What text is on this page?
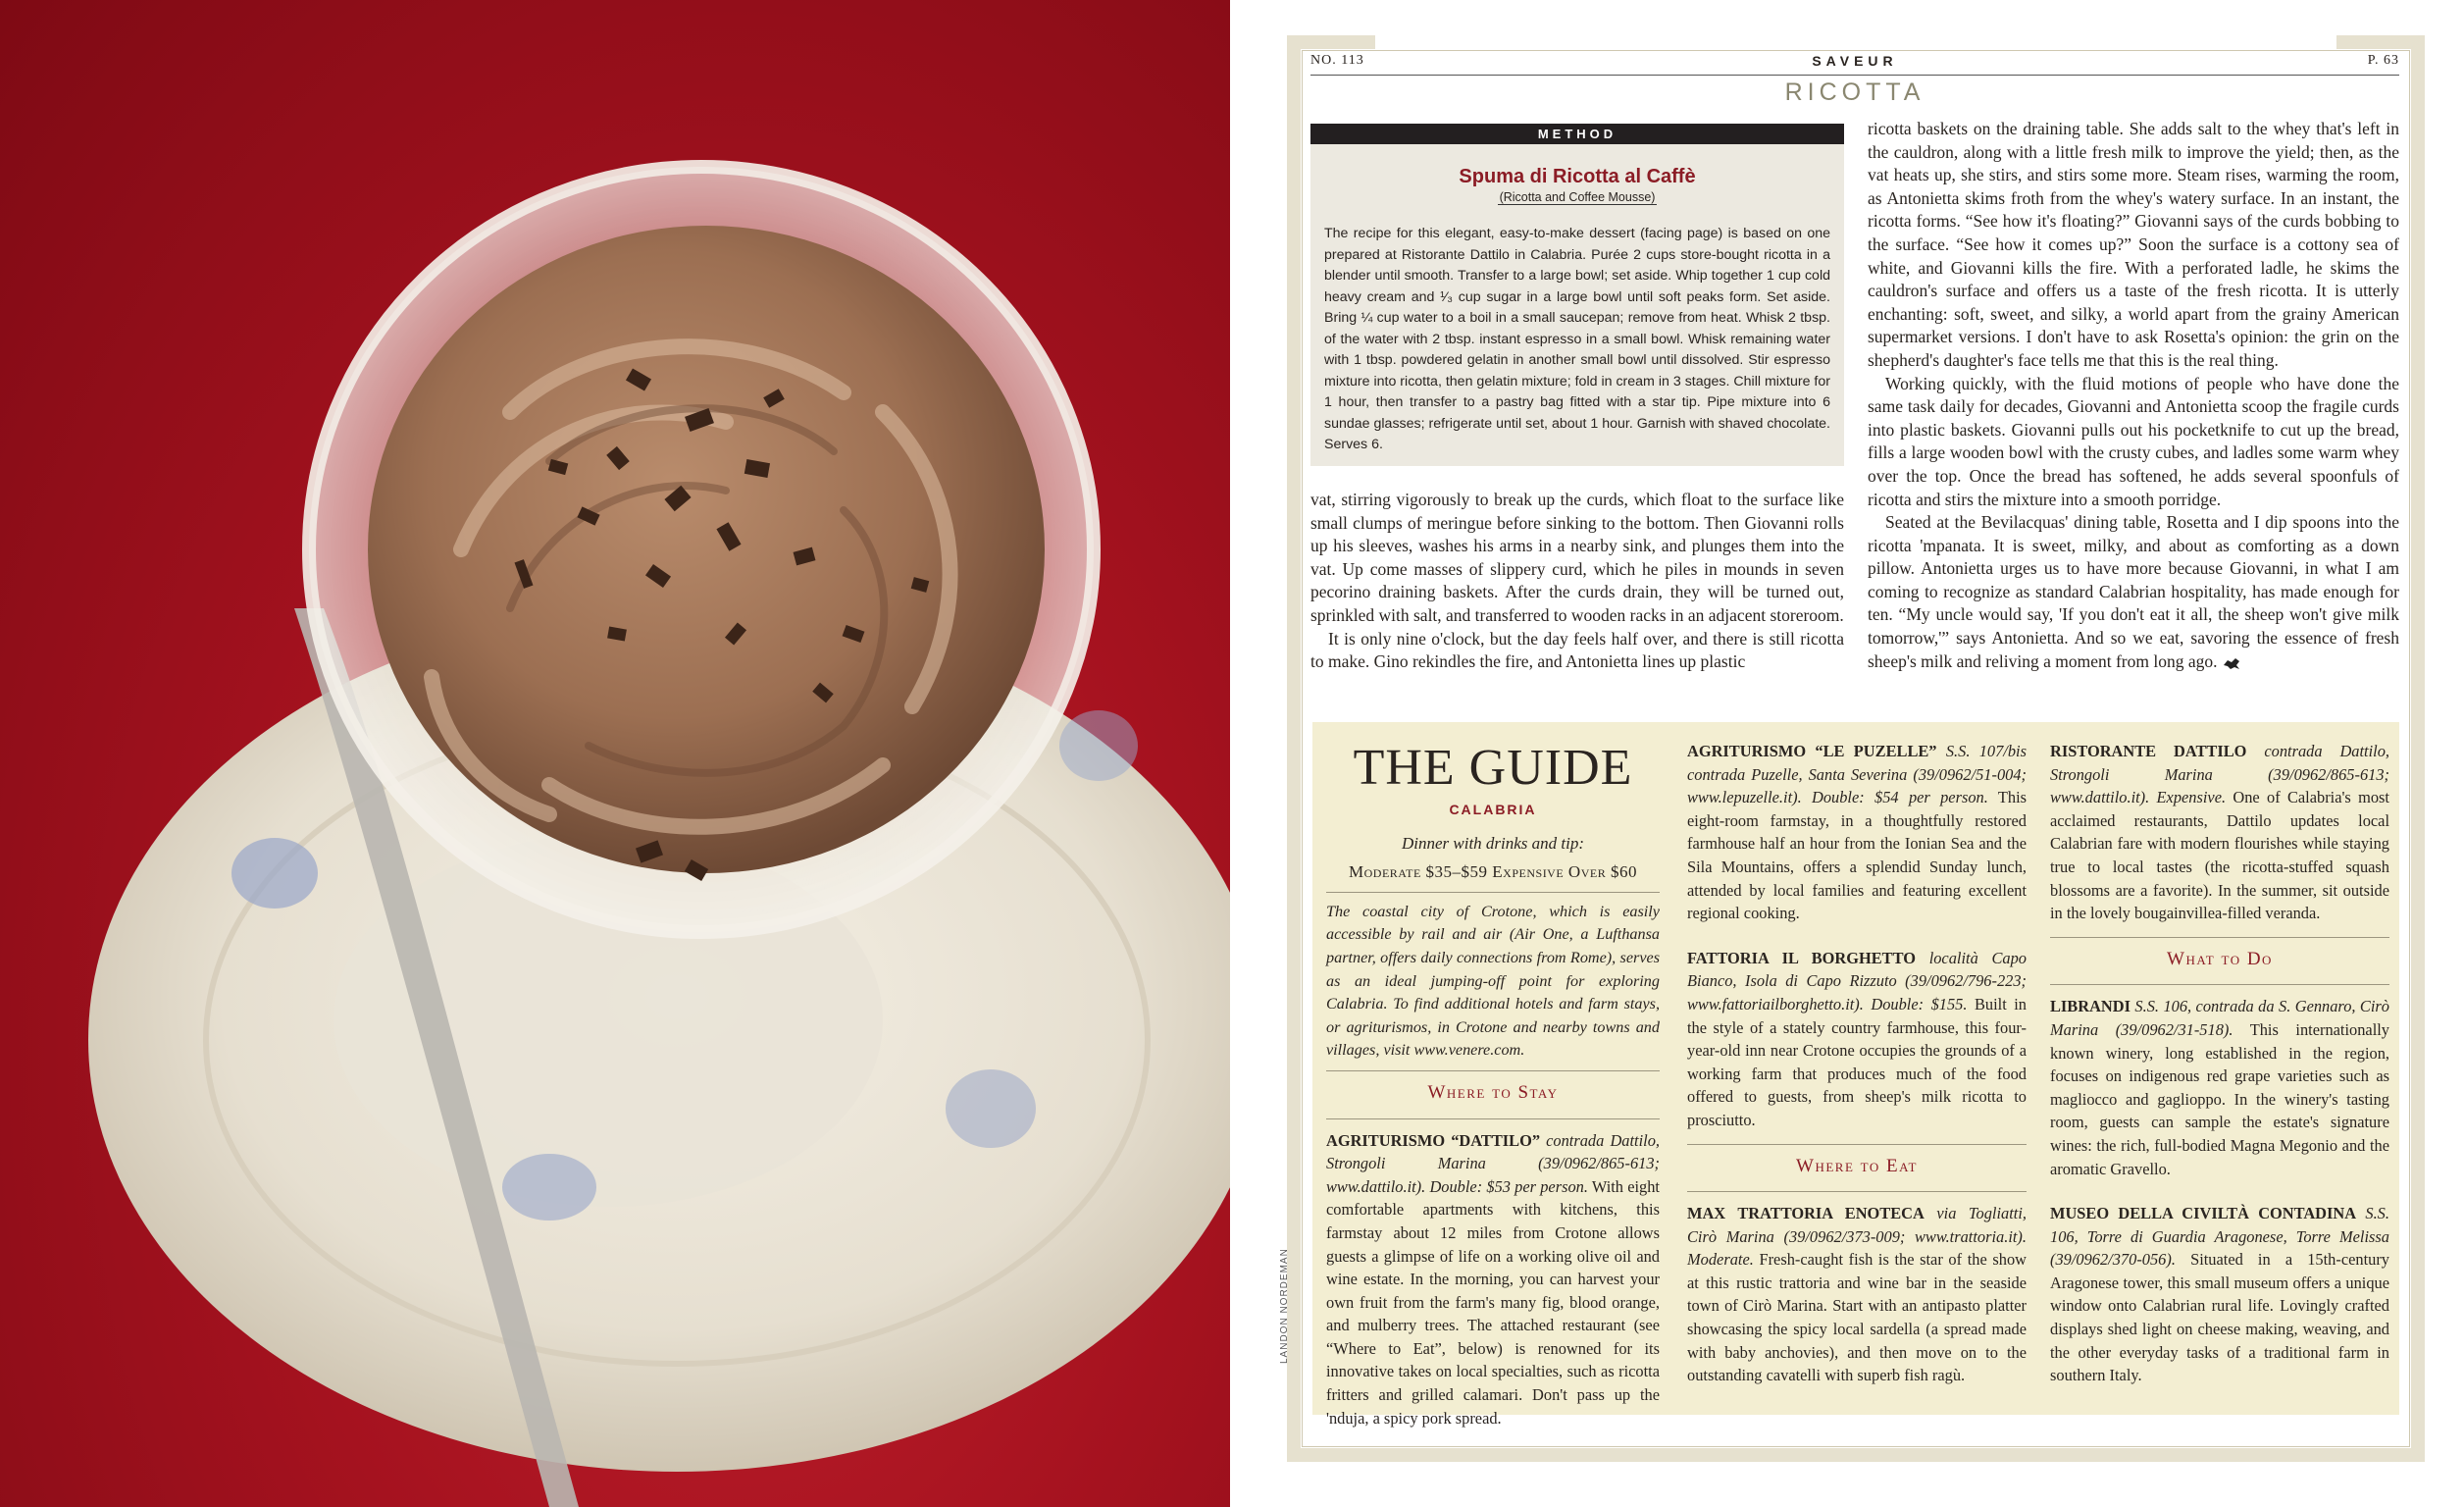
NO. 113	SAVEUR	P. 63
RICOTTA
METHOD
Spuma di Ricotta al Caffè
(Ricotta and Coffee Mousse)
The recipe for this elegant, easy-to-make dessert (facing page) is based on one prepared at Ristorante Dattilo in Calabria. Purée 2 cups store-bought ricotta in a blender until smooth. Transfer to a large bowl; set aside. Whip together 1 cup cold heavy cream and ¹⁄₃ cup sugar in a large bowl until soft peaks form. Set aside. Bring ¼ cup water to a boil in a small saucepan; remove from heat. Whisk 2 tbsp. of the water with 2 tbsp. instant espresso in a small bowl. Whisk remaining water with 1 tbsp. powdered gelatin in another small bowl until dissolved. Stir espresso mixture into ricotta, then gelatin mixture; fold in cream in 3 stages. Chill mixture for 1 hour, then transfer to a pastry bag fitted with a star tip. Pipe mixture into 6 sundae glasses; refrigerate until set, about 1 hour. Garnish with shaved chocolate. Serves 6.

vat, stirring vigorously to break up the curds, which float to the surface like small clumps of meringue before sinking to the bottom. Then Giovanni rolls up his sleeves, washes his arms in a nearby sink, and plunges them into the vat. Up come masses of slippery curd, which he piles in mounds in seven pecorino draining baskets. After the curds drain, they will be turned out, sprinkled with salt, and transferred to wooden racks in an adjacent storeroom.

It is only nine o'clock, but the day feels half over, and there is still ricotta to make. Gino rekindles the fire, and Antonietta lines up plastic

ricotta baskets on the draining table. She adds salt to the whey that's left in the cauldron, along with a little fresh milk to improve the yield; then, as the vat heats up, she stirs, and stirs some more. Steam rises, warming the room, as Antonietta skims froth from the whey's watery surface. In an instant, the ricotta forms. “See how it's floating?” Giovanni says of the curds bobbing to the surface. “See how it comes up?” Soon the surface is a cottony sea of white, and Giovanni kills the fire. With a perforated ladle, he skims the cauldron's surface and offers us a taste of the fresh ricotta. It is utterly enchanting: soft, sweet, and silky, a world apart from the grainy American supermarket versions. I don't have to ask Rosetta's opinion: the grin on the shepherd's daughter's face tells me that this is the real thing.

Working quickly, with the fluid motions of people who have done the same task daily for decades, Giovanni and Antonietta scoop the fragile curds into plastic baskets. Giovanni pulls out his pocketknife to cut up the bread, fills a large wooden bowl with the crusty cubes, and ladles some warm whey over the top. Once the bread has softened, he adds several spoonfuls of ricotta and stirs the mixture into a smooth porridge.

Seated at the Bevilacquas' dining table, Rosetta and I dip spoons into the ricotta 'mpanata. It is sweet, milky, and about as comforting as a down pillow. Antonietta urges us to have more because Giovanni, in what I am coming to recognize as standard Calabrian hospitality, has made enough for ten. “My uncle would say, 'If you don't eat it all, the sheep won't give milk tomorrow,'” says Antonietta. And so we eat, savoring the essence of fresh sheep's milk and reliving a moment from long ago.

THE GUIDE
CALABRIA
Dinner with drinks and tip:
Moderate $35–$59 Expensive Over $60

The coastal city of Crotone, which is easily accessible by rail and air (Air One, a Lufthansa partner, offers daily connections from Rome), serves as an ideal jumping-off point for exploring Calabria. To find additional hotels and farm stays, or agriturismos, in Crotone and nearby towns and villages, visit www.venere.com.

Where to Stay

AGRITURISMO “DATTILO” contrada Dattilo, Strongoli Marina (39/0962/865-613; www.dattilo.it). Double: $53 per person. With eight comfortable apartments with kitchens, this farmstay about 12 miles from Crotone allows guests a glimpse of life on a working olive oil and wine estate. In the morning, you can harvest your own fruit from the farm's many fig, blood orange, and mulberry trees. The attached restaurant (see “Where to Eat”, below) is renowned for its innovative takes on local specialties, such as ricotta fritters and grilled calamari. Don't pass up the 'nduja, a spicy pork spread.

AGRITURISMO “LE PUZELLE” S.S. 107/bis contrada Puzelle, Santa Severina (39/0962/51-004; www.lepuzelle.it). Double: $54 per person. This eight-room farmstay, in a thoughtfully restored farmhouse half an hour from the Ionian Sea and the Sila Mountains, offers a splendid Sunday lunch, attended by local families and featuring excellent regional cooking.

FATTORIA IL BORGHETTO località Capo Bianco, Isola di Capo Rizzuto (39/0962/796-223; www.fattoriailborghetto.it). Double: $155. Built in the style of a stately country farmhouse, this four-year-old inn near Crotone occupies the grounds of a working farm that produces much of the food offered to guests, from sheep's milk ricotta to prosciutto.

Where to Eat

MAX TRATTORIA ENOTECA via Togliatti, Cirò Marina (39/0962/373-009; www.trattoria.it). Moderate. Fresh-caught fish is the star of the show at this rustic trattoria and wine bar in the seaside town of Cirò Marina. Start with an antipasto platter showcasing the spicy local sardella (a spread made with baby anchovies), and then move on to the outstanding cavatelli with superb fish ragù.

RISTORANTE DATTILO contrada Dattilo, Strongoli Marina (39/0962/865-613; www.dattilo.it). Expensive. One of Calabria's most acclaimed restaurants, Dattilo updates local Calabrian fare with modern flourishes while staying true to local tastes (the ricotta-stuffed squash blossoms are a favorite). In the summer, sit outside in the lovely bougainvillea-filled veranda.

What to Do

LIBRANDI S.S. 106, contrada da S. Gennaro, Cirò Marina (39/0962/31-518). This internationally known winery, long established in the region, focuses on indigenous red grape varieties such as magliocco and gaglioppo. In the winery's tasting room, guests can sample the estate's signature wines: the rich, full-bodied Magna Megonio and the aromatic Gravello.

MUSEO DELLA CIVILTÀ CONTADINA S.S. 106, Torre di Guardia Aragonese, Torre Melissa (39/0962/370-056). Situated in a 15th-century Aragonese tower, this small museum offers a unique window onto Calabrian rural life. Lovingly crafted displays shed light on cheese making, weaving, and the other everyday tasks of a traditional farm in southern Italy.

LANDON NORDEMAN
